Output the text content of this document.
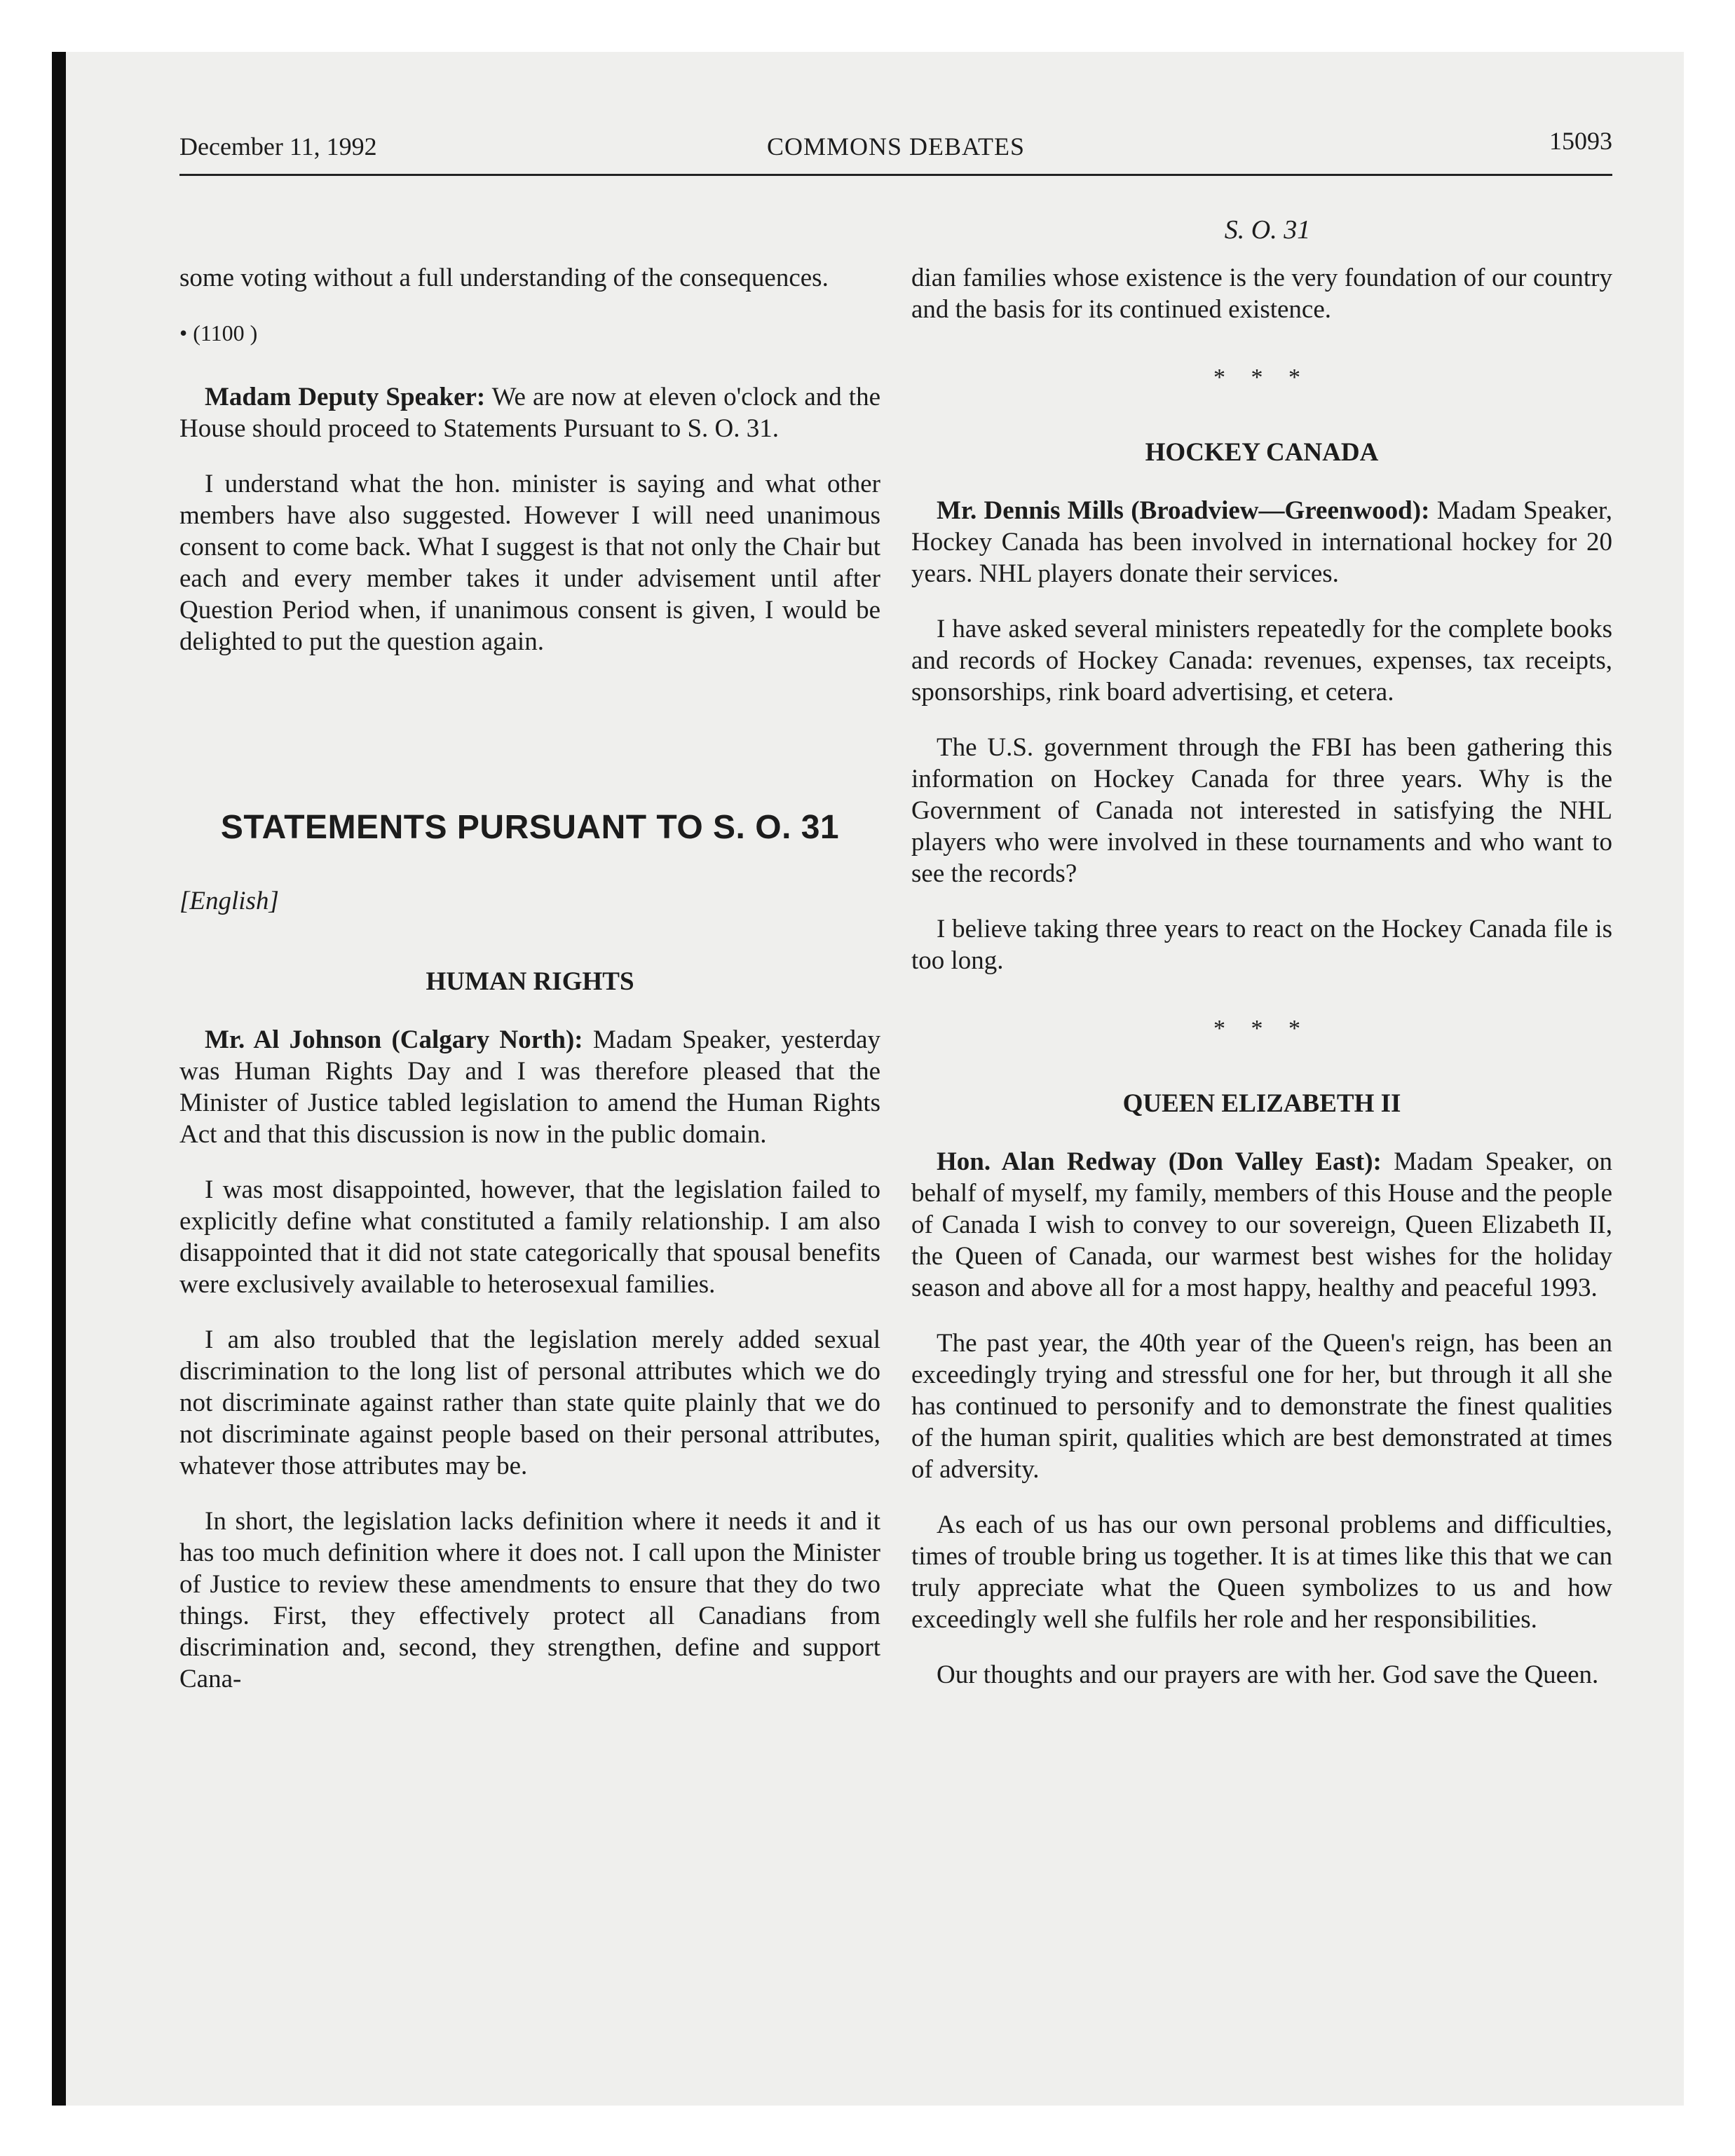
December 11, 1992	COMMONS DEBATES	15093
S. O. 31

some voting without a full understanding of the consequences.

• (1100 )

Madam Deputy Speaker: We are now at eleven o'clock and the House should proceed to Statements Pursuant to S. O. 31.

I understand what the hon. minister is saying and what other members have also suggested. However I will need unanimous consent to come back. What I suggest is that not only the Chair but each and every member takes it under advisement until after Question Period when, if unanimous consent is given, I would be delighted to put the question again.

STATEMENTS PURSUANT TO S. O. 31
[English]
HUMAN RIGHTS

Mr. Al Johnson (Calgary North): Madam Speaker, yesterday was Human Rights Day and I was therefore pleased that the Minister of Justice tabled legislation to amend the Human Rights Act and that this discussion is now in the public domain.

I was most disappointed, however, that the legislation failed to explicitly define what constituted a family relationship. I am also disappointed that it did not state categorically that spousal benefits were exclusively available to heterosexual families.

I am also troubled that the legislation merely added sexual discrimination to the long list of personal attributes which we do not discriminate against rather than state quite plainly that we do not discriminate against people based on their personal attributes, whatever those attributes may be.

In short, the legislation lacks definition where it needs it and it has too much definition where it does not. I call upon the Minister of Justice to review these amendments to ensure that they do two things. First, they effectively protect all Canadians from discrimination and, second, they strengthen, define and support Cana-

dian families whose existence is the very foundation of our country and the basis for its continued existence.

* * *
HOCKEY CANADA

Mr. Dennis Mills (Broadview—Greenwood): Madam Speaker, Hockey Canada has been involved in international hockey for 20 years. NHL players donate their services.

I have asked several ministers repeatedly for the complete books and records of Hockey Canada: revenues, expenses, tax receipts, sponsorships, rink board advertising, et cetera.

The U.S. government through the FBI has been gathering this information on Hockey Canada for three years. Why is the Government of Canada not interested in satisfying the NHL players who were involved in these tournaments and who want to see the records?

I believe taking three years to react on the Hockey Canada file is too long.

* * *
QUEEN ELIZABETH II

Hon. Alan Redway (Don Valley East): Madam Speaker, on behalf of myself, my family, members of this House and the people of Canada I wish to convey to our sovereign, Queen Elizabeth II, the Queen of Canada, our warmest best wishes for the holiday season and above all for a most happy, healthy and peaceful 1993.

The past year, the 40th year of the Queen's reign, has been an exceedingly trying and stressful one for her, but through it all she has continued to personify and to demonstrate the finest qualities of the human spirit, qualities which are best demonstrated at times of adversity.

As each of us has our own personal problems and difficulties, times of trouble bring us together. It is at times like this that we can truly appreciate what the Queen symbolizes to us and how exceedingly well she fulfils her role and her responsibilities.

Our thoughts and our prayers are with her. God save the Queen.
